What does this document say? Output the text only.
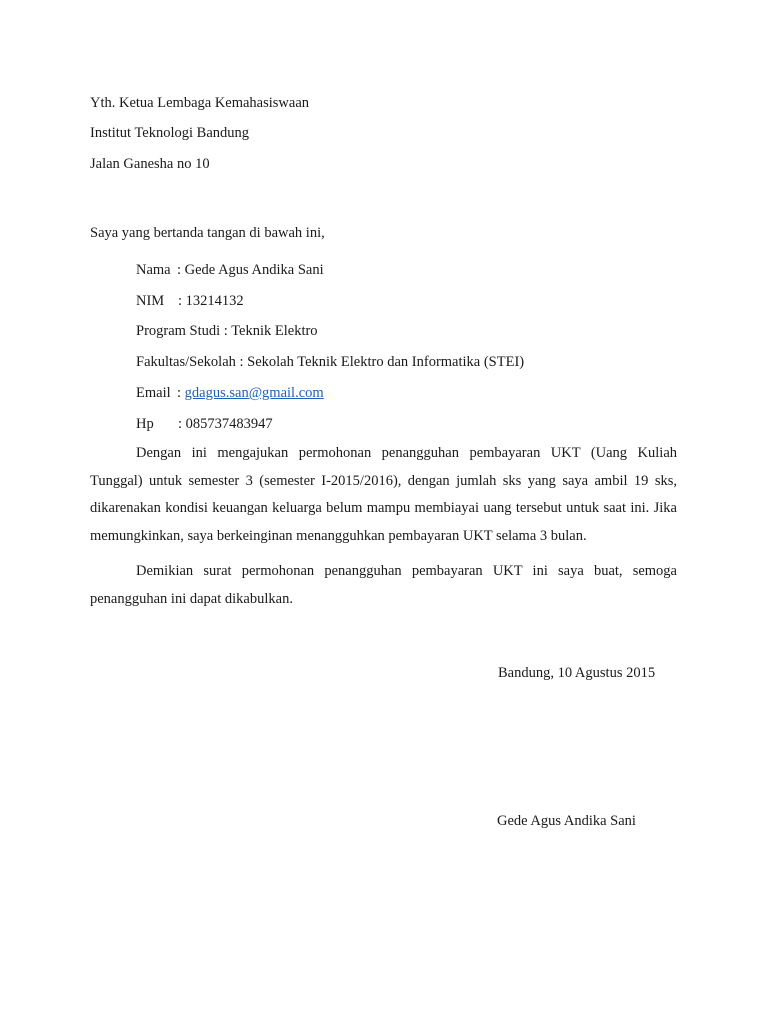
Yth. Ketua Lembaga Kemahasiswaan
Institut Teknologi Bandung
Jalan Ganesha no 10
Saya yang bertanda tangan di bawah ini,
Nama : Gede Agus Andika Sani
NIM : 13214132
Program Studi : Teknik Elektro
Fakultas/Sekolah : Sekolah Teknik Elektro dan Informatika (STEI)
Email : gdagus.san@gmail.com
Hp : 085737483947
Dengan ini mengajukan permohonan penangguhan pembayaran UKT (Uang Kuliah Tunggal) untuk semester 3 (semester I-2015/2016), dengan jumlah sks yang saya ambil 19 sks, dikarenakan kondisi keuangan keluarga belum mampu membiayai uang tersebut untuk saat ini. Jika memungkinkan, saya berkeinginan menangguhkan pembayaran UKT selama 3 bulan.
Demikian surat permohonan penangguhan pembayaran UKT ini saya buat, semoga penangguhan ini dapat dikabulkan.
Bandung, 10 Agustus 2015
Gede Agus Andika Sani
